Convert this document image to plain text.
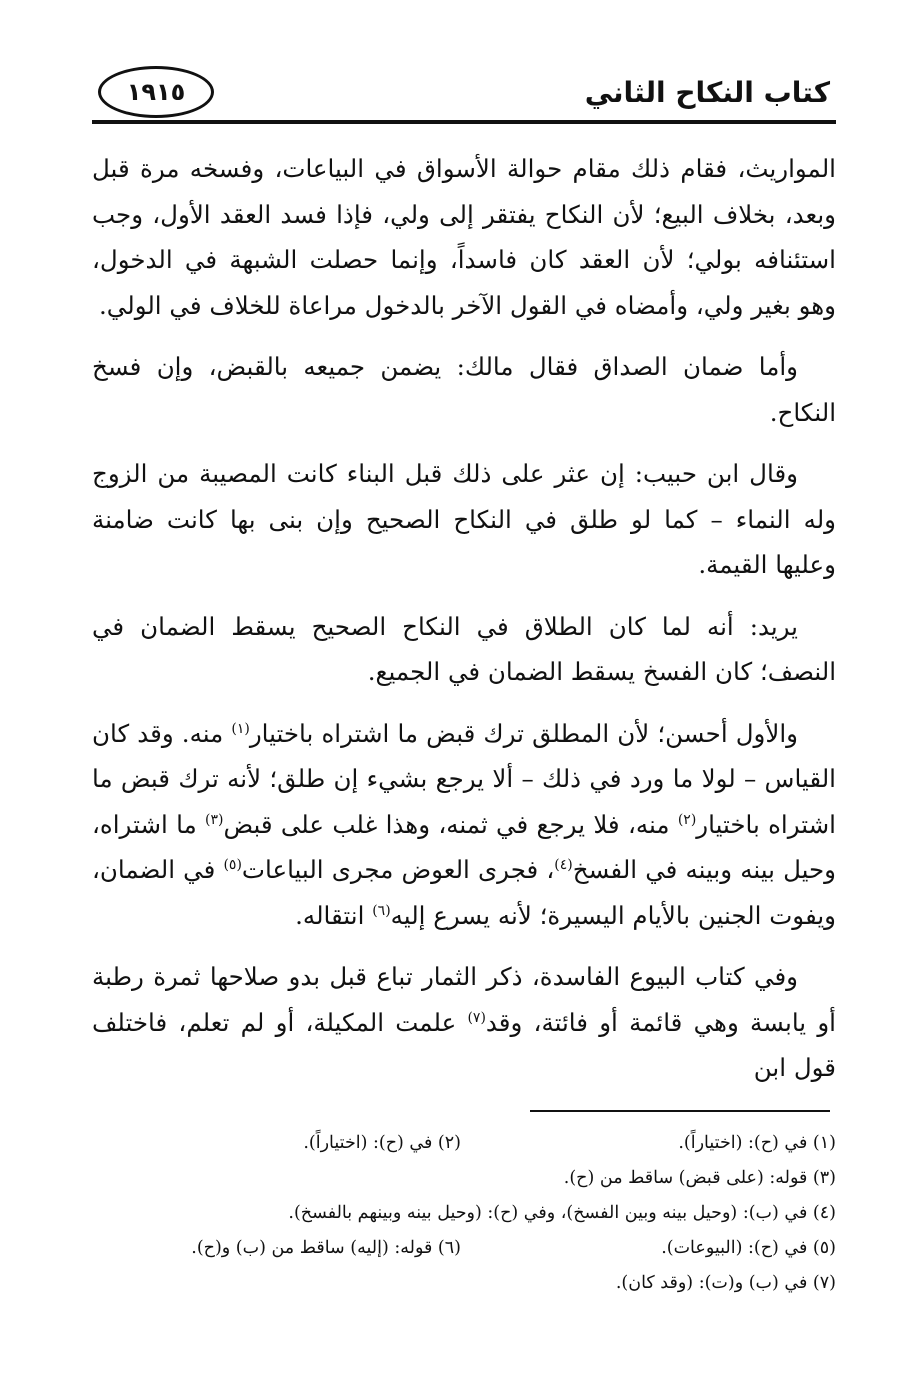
كتاب النكاح الثاني
١٩١٥

المواريث، فقام ذلك مقام حوالة الأسواق في البياعات، وفسخه مرة قبل وبعد، بخلاف البيع؛ لأن النكاح يفتقر إلى ولي، فإذا فسد العقد الأول، وجب استئنافه بولي؛ لأن العقد كان فاسداً، وإنما حصلت الشبهة في الدخول، وهو بغير ولي، وأمضاه في القول الآخر بالدخول مراعاة للخلاف في الولي.

وأما ضمان الصداق فقال مالك: يضمن جميعه بالقبض، وإن فسخ النكاح.

وقال ابن حبيب: إن عثر على ذلك قبل البناء كانت المصيبة من الزوج وله النماء – كما لو طلق في النكاح الصحيح وإن بنى بها كانت ضامنة وعليها القيمة.

يريد: أنه لما كان الطلاق في النكاح الصحيح يسقط الضمان في النصف؛ كان الفسخ يسقط الضمان في الجميع.

والأول أحسن؛ لأن المطلق ترك قبض ما اشتراه باختيار$^{(١)}$ منه. وقد كان القياس – لولا ما ورد في ذلك – ألا يرجع بشيء إن طلق؛ لأنه ترك قبض ما اشتراه باختيار$^{(٢)}$ منه، فلا يرجع في ثمنه، وهذا غلب على قبض$^{(٣)}$ ما اشتراه، وحيل بينه وبينه في الفسخ$^{(٤)}$، فجرى العوض مجرى البياعات$^{(٥)}$ في الضمان، ويفوت الجنين بالأيام اليسيرة؛ لأنه يسرع إليه$^{(٦)}$ انتقاله.

وفي كتاب البيوع الفاسدة، ذكر الثمار تباع قبل بدو صلاحها ثمرة رطبة أو يابسة وهي قائمة أو فائتة، وقد$^{(٧)}$ علمت المكيلة، أو لم تعلم، فاختلف قول ابن

(١) في (ح): (اختياراً).
(٢) في (ح): (اختياراً).
(٣) قوله: (على قبض) ساقط من (ح).
(٤) في (ب): (وحيل بينه وبين الفسخ)، وفي (ح): (وحيل بينه وبينهم بالفسخ).
(٥) في (ح): (البيوعات).
(٦) قوله: (إليه) ساقط من (ب) و(ح).
(٧) في (ب) و(ت): (وقد كان).
